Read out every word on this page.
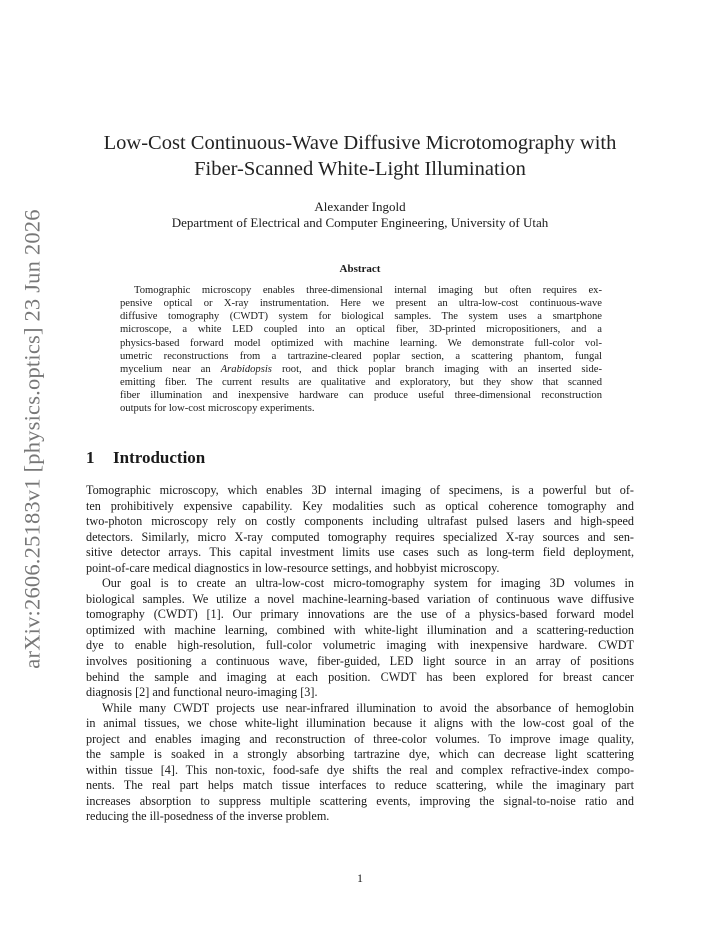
arXiv:2606.25183v1 [physics.optics] 23 Jun 2026
Low-Cost Continuous-Wave Diffusive Microtomography with
Fiber-Scanned White-Light Illumination
Alexander Ingold
Department of Electrical and Computer Engineering, University of Utah
Abstract
Tomographic microscopy enables three-dimensional internal imaging but often requires ex-
pensive optical or X-ray instrumentation. Here we present an ultra-low-cost continuous-wave
diffusive tomography (CWDT) system for biological samples. The system uses a smartphone
microscope, a white LED coupled into an optical fiber, 3D-printed micropositioners, and a
physics-based forward model optimized with machine learning. We demonstrate full-color vol-
umetric reconstructions from a tartrazine-cleared poplar section, a scattering phantom, fungal
mycelium near an Arabidopsis root, and thick poplar branch imaging with an inserted side-
emitting fiber. The current results are qualitative and exploratory, but they show that scanned
fiber illumination and inexpensive hardware can produce useful three-dimensional reconstruction
outputs for low-cost microscopy experiments.
1 Introduction
Tomographic microscopy, which enables 3D internal imaging of specimens, is a powerful but of-
ten prohibitively expensive capability. Key modalities such as optical coherence tomography and
two-photon microscopy rely on costly components including ultrafast pulsed lasers and high-speed
detectors. Similarly, micro X-ray computed tomography requires specialized X-ray sources and sen-
sitive detector arrays. This capital investment limits use cases such as long-term field deployment,
point-of-care medical diagnostics in low-resource settings, and hobbyist microscopy.
Our goal is to create an ultra-low-cost micro-tomography system for imaging 3D volumes in
biological samples. We utilize a novel machine-learning-based variation of continuous wave diffusive
tomography (CWDT) [1]. Our primary innovations are the use of a physics-based forward model
optimized with machine learning, combined with white-light illumination and a scattering-reduction
dye to enable high-resolution, full-color volumetric imaging with inexpensive hardware. CWDT
involves positioning a continuous wave, fiber-guided, LED light source in an array of positions
behind the sample and imaging at each position. CWDT has been explored for breast cancer
diagnosis [2] and functional neuro-imaging [3].
While many CWDT projects use near-infrared illumination to avoid the absorbance of hemoglobin
in animal tissues, we chose white-light illumination because it aligns with the low-cost goal of the
project and enables imaging and reconstruction of three-color volumes. To improve image quality,
the sample is soaked in a strongly absorbing tartrazine dye, which can decrease light scattering
within tissue [4]. This non-toxic, food-safe dye shifts the real and complex refractive-index compo-
nents. The real part helps match tissue interfaces to reduce scattering, while the imaginary part
increases absorption to suppress multiple scattering events, improving the signal-to-noise ratio and
reducing the ill-posedness of the inverse problem.
1
